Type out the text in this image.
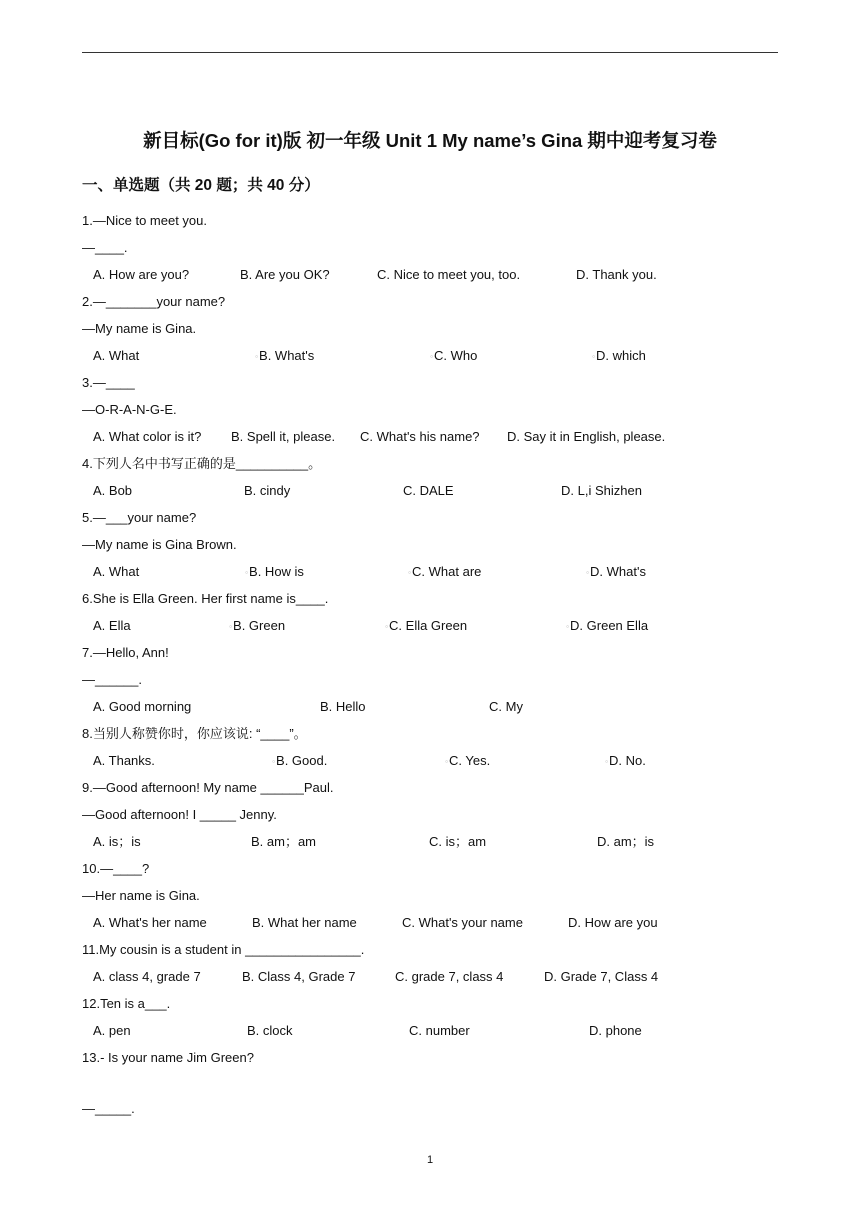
新目标(Go for it)版 初一年级 Unit 1 My name’s Gina 期中迎考复习卷
一、单选题（共 20 题；共 40 分）
1.—Nice to meet you.
—____.
A. How are you?	B. Are you OK?	C. Nice to meet you, too.	D. Thank you.
2.—_______your name?
—My name is Gina.
A. What	○B. What's	○C. Who	○D. which
3.—____
—O-R-A-N-G-E.
A. What color is it? B. Spell it, please. C. What's his name? D. Say it in English, please.
4.下列人名中书写正确的是__________。
A. Bob	B. cindy	C. DALE	D. L,i Shizhen
5.—___your name?
—My name is Gina Brown.
A. What	○B. How is	○C. What are	○D. What's
6.She is Ella Green. Her first name is____.
A. Ella	○B. Green	○C. Ella Green	○D. Green Ella
7.—Hello, Ann!
—______.
A. Good morning	B. Hello	C. My
8.当别人称赞你时，你应该说: “____”。
A. Thanks.	○B. Good.	○C. Yes.	○D. No.
9.—Good afternoon! My name ______Paul.
—Good afternoon! I _____ Jenny.
A. is；is	B. am；am	C. is；am	D. am；is
10.—____?
—Her name is Gina.
A. What's her name	B. What her name	C. What's your name	D. How are you
11.My cousin is a student in ________________.
A. class 4, grade 7	B. Class 4, Grade 7	C. grade 7, class 4	D. Grade 7, Class 4
12.Ten is a___.
A. pen	B. clock	C. number	D. phone
13.- Is your name Jim Green?
—_____.
1
